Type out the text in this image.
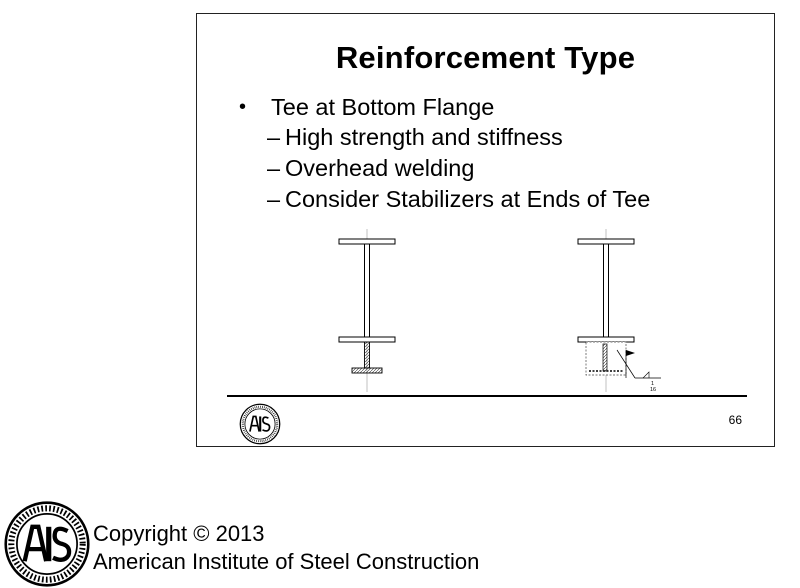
Reinforcement Type
• Tee at Bottom Flange
– High strength and stiffness
– Overhead welding
– Consider Stabilizers at Ends of Tee
1
16
66
Copyright © 2013
American Institute of Steel Construction
